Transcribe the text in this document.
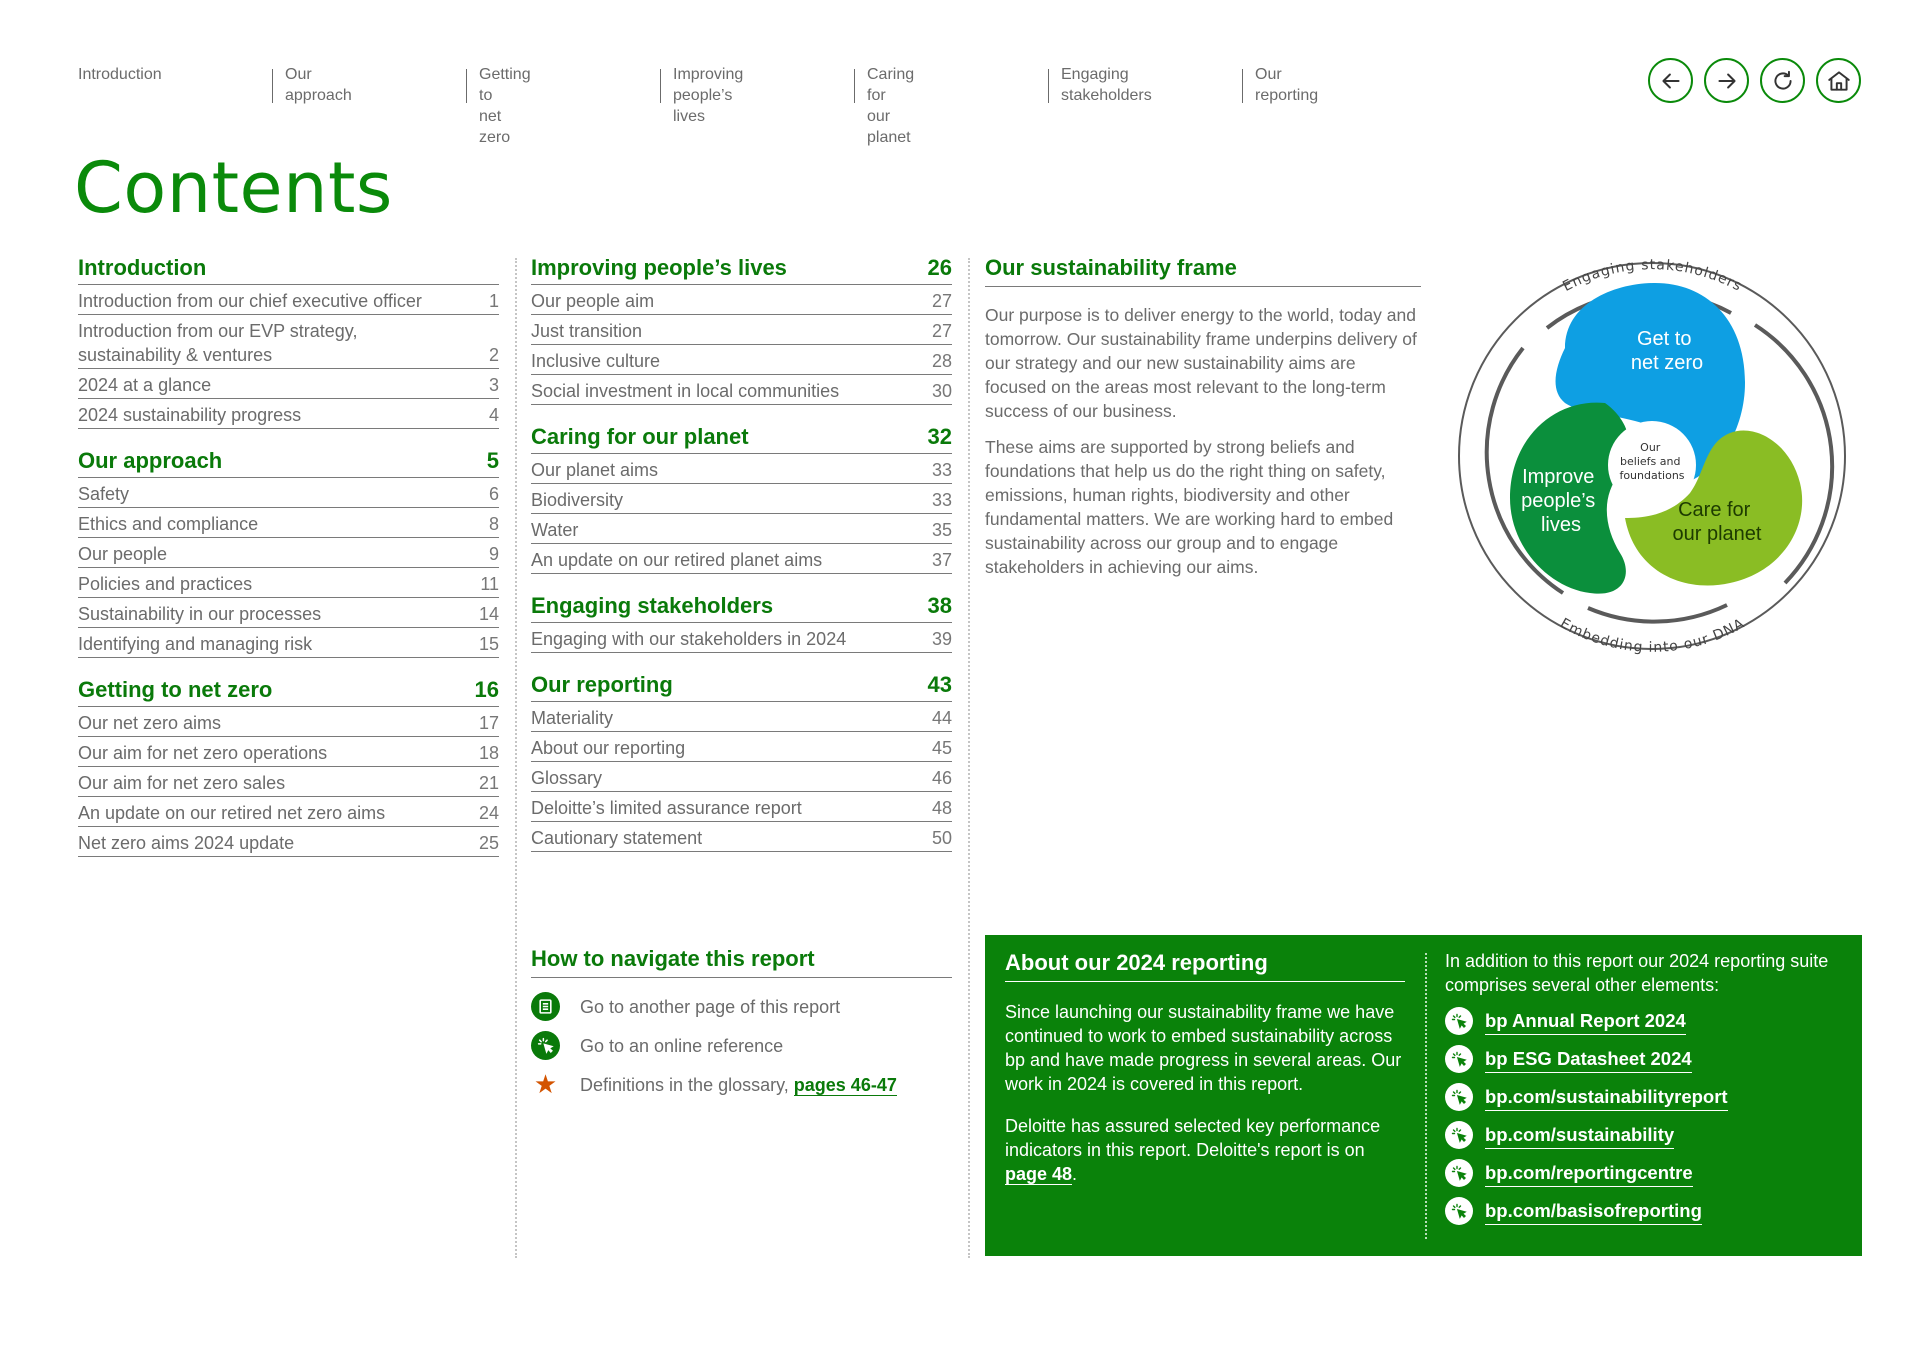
Introduction	Our approach
Getting to
net zero
Improving
people’s lives
Caring for
our planet
Engaging
stakeholders
Our reporting
Contents
Introduction
Introduction from our chief executive officer	1
Introduction from our EVP strategy, sustainability & ventures	2
2024 at a glance	3
2024 sustainability progress	4
Our approach	5
Safety	6
Ethics and compliance	8
Our people	9
Policies and practices	11
Sustainability in our processes	14
Identifying and managing risk	15
Getting to net zero	16
Our net zero aims	17
Our aim for net zero operations	18
Our aim for net zero sales	21
An update on our retired net zero aims	24
Net zero aims 2024 update	25
Improving people’s lives	26
Our people aim	27
Just transition	27
Inclusive culture	28
Social investment in local communities	30
Caring for our planet	32
Our planet aims	33
Biodiversity	33
Water	35
An update on our retired planet aims	37
Engaging stakeholders	38
Engaging with our stakeholders in 2024	39
Our reporting	43
Materiality	44
About our reporting	45
Glossary	46
Deloitte’s limited assurance report	48
Cautionary statement	50
Our sustainability frame

Our purpose is to deliver energy to the world, today and tomorrow. Our sustainability frame underpins delivery of our strategy and our new sustainability aims are focused on the areas most relevant to the long-term success of our business.

These aims are supported by strong beliefs and foundations that help us do the right thing on safety, emissions, human rights, biodiversity and other fundamental matters. We are working hard to embed sustainability across our group and to engage stakeholders in achieving our aims.

Engaging stakeholders
Embedding into our DNA
Get to net zero
Improve people’s lives
Care for our planet
Our beliefs and foundations
How to navigate this report
Go to another page of this report
Go to an online reference
★ Definitions in the glossary, pages 46-47
About our 2024 reporting

Since launching our sustainability frame we have continued to work to embed sustainability across bp and have made progress in several areas. Our work in 2024 is covered in this report.

Deloitte has assured selected key performance indicators in this report. Deloitte's report is on page 48.

In addition to this report our 2024 reporting suite comprises several other elements:
bp Annual Report 2024
bp ESG Datasheet 2024
bp.com/sustainabilityreport
bp.com/sustainability
bp.com/reportingcentre
bp.com/basisofreporting
